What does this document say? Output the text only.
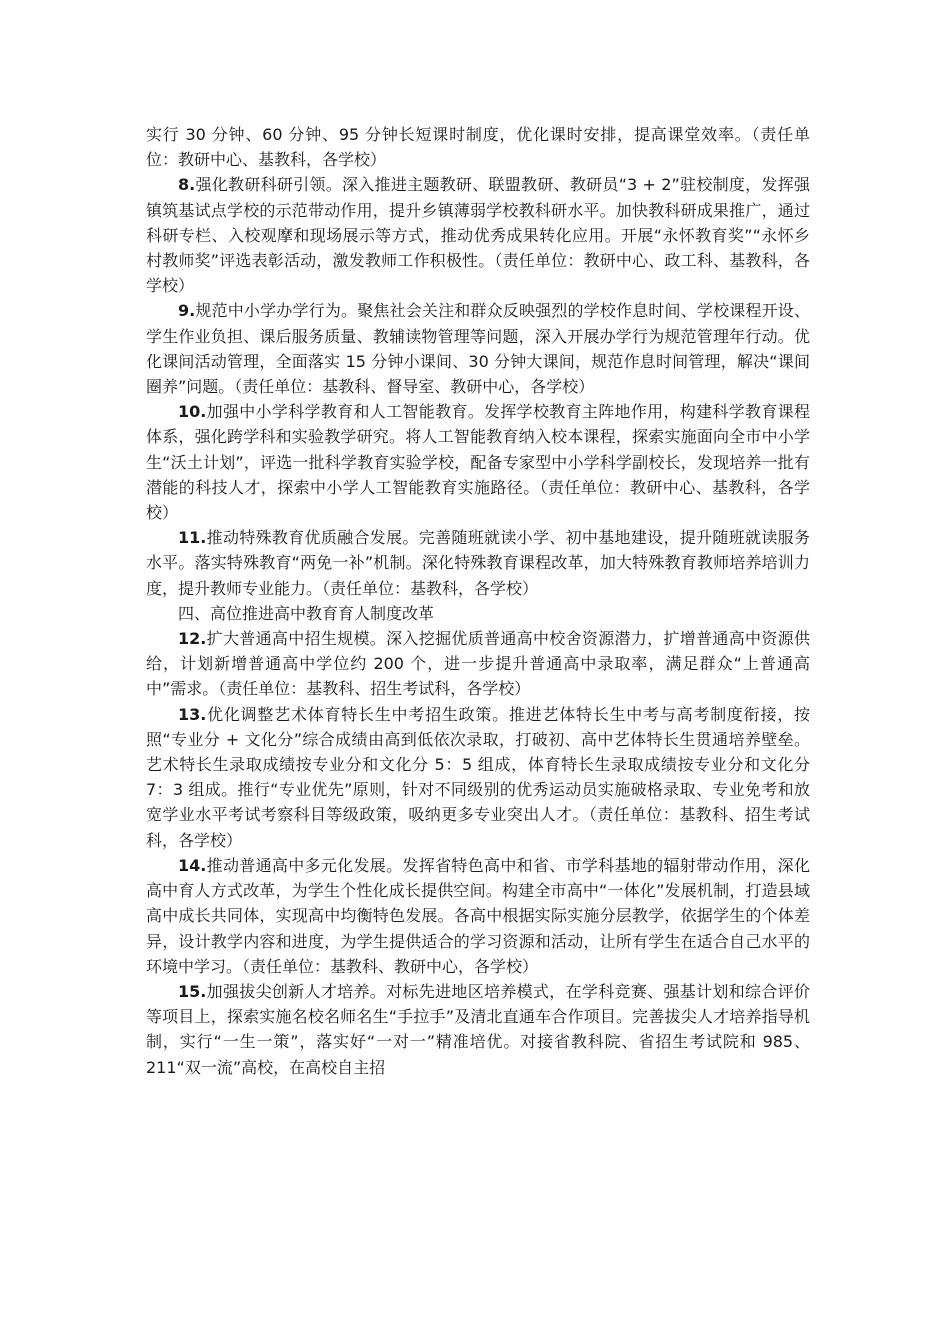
实行 30 分钟、60 分钟、95 分钟长短课时制度，优化课时安排，提高课堂效率。（责任单位：教研中心、基教科，各学校）

8.强化教研科研引领。深入推进主题教研、联盟教研、教研员“3 + 2”驻校制度，发挥强镇筑基试点学校的示范带动作用，提升乡镇薄弱学校教科研水平。加快教科研成果推广，通过科研专栏、入校观摩和现场展示等方式，推动优秀成果转化应用。开展“永怀教育奖”“永怀乡村教师奖”评选表彰活动，激发教师工作积极性。（责任单位：教研中心、政工科、基教科，各学校）

9.规范中小学办学行为。聚焦社会关注和群众反映强烈的学校作息时间、学校课程开设、学生作业负担、课后服务质量、教辅读物管理等问题，深入开展办学行为规范管理年行动。优化课间活动管理，全面落实 15 分钟小课间、30 分钟大课间，规范作息时间管理，解决“课间圈养”问题。（责任单位：基教科、督导室、教研中心，各学校）

10.加强中小学科学教育和人工智能教育。发挥学校教育主阵地作用，构建科学教育课程体系，强化跨学科和实验教学研究。将人工智能教育纳入校本课程，探索实施面向全市中小学生“沃土计划”，评选一批科学教育实验学校，配备专家型中小学科学副校长，发现培养一批有潜能的科技人才，探索中小学人工智能教育实施路径。（责任单位：教研中心、基教科，各学校）

11.推动特殊教育优质融合发展。完善随班就读小学、初中基地建设，提升随班就读服务水平。落实特殊教育“两免一补”机制。深化特殊教育课程改革，加大特殊教育教师培养培训力度，提升教师专业能力。（责任单位：基教科，各学校）

四、高位推进高中教育育人制度改革

12.扩大普通高中招生规模。深入挖掘优质普通高中校舍资源潜力，扩增普通高中资源供给，计划新增普通高中学位约 200 个，进一步提升普通高中录取率，满足群众“上普通高中”需求。（责任单位：基教科、招生考试科，各学校）

13.优化调整艺术体育特长生中考招生政策。推进艺体特长生中考与高考制度衔接，按照“专业分 + 文化分”综合成绩由高到低依次录取，打破初、高中艺体特长生贯通培养壁垒。艺术特长生录取成绩按专业分和文化分 5：5 组成，体育特长生录取成绩按专业分和文化分 7：3 组成。推行“专业优先”原则，针对不同级别的优秀运动员实施破格录取、专业免考和放宽学业水平考试考察科目等级政策，吸纳更多专业突出人才。（责任单位：基教科、招生考试科，各学校）

14.推动普通高中多元化发展。发挥省特色高中和省、市学科基地的辐射带动作用，深化高中育人方式改革，为学生个性化成长提供空间。构建全市高中“一体化”发展机制，打造县域高中成长共同体，实现高中均衡特色发展。各高中根据实际实施分层教学，依据学生的个体差异，设计教学内容和进度，为学生提供适合的学习资源和活动，让所有学生在适合自己水平的环境中学习。（责任单位：基教科、教研中心，各学校）

15.加强拔尖创新人才培养。对标先进地区培养模式，在学科竞赛、强基计划和综合评价等项目上，探索实施名校名师名生“手拉手”及清北直通车合作项目。完善拔尖人才培养指导机制，实行“一生一策”，落实好“一对一”精准培优。对接省教科院、省招生考试院和 985、211“双一流”高校，在高校自主招
